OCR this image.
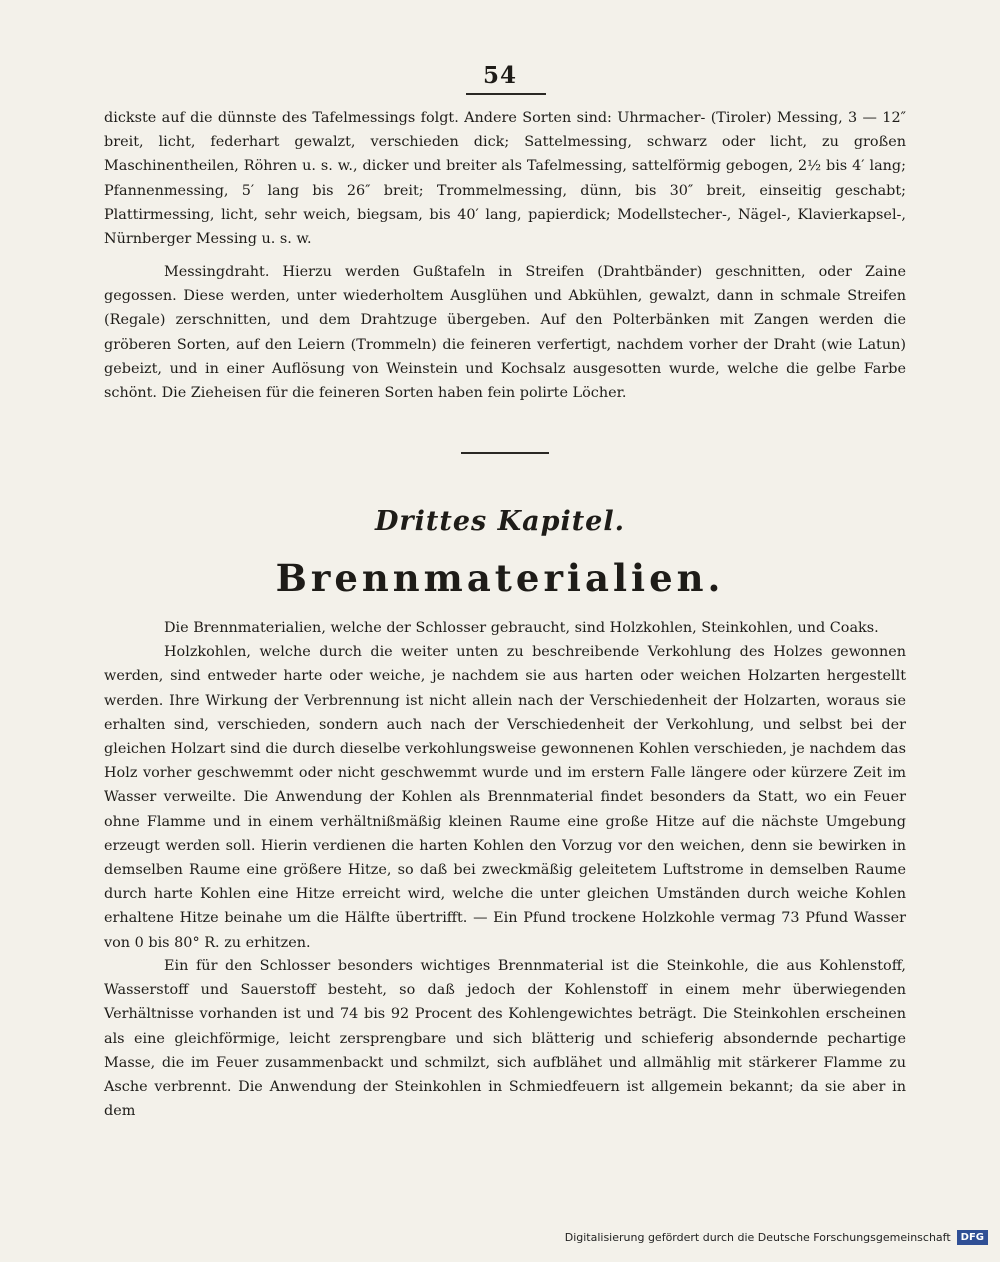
54

dickste auf die dünnste des Tafelmessings folgt. Andere Sorten sind: Uhrmacher- (Tiroler) Messing, 3 — 12″ breit, licht, federhart gewalzt, verschieden dick; Sattelmessing, schwarz oder licht, zu großen Maschinentheilen, Röhren u. s. w., dicker und breiter als Tafelmessing, sattelförmig gebogen, 2½ bis 4′ lang; Pfannenmessing, 5′ lang bis 26″ breit; Trommelmessing, dünn, bis 30″ breit, einseitig geschabt; Plattirmessing, licht, sehr weich, biegsam, bis 40′ lang, papierdick; Modellstecher-, Nägel-, Klavierkapsel-, Nürnberger Messing u. s. w.

Messingdraht. Hierzu werden Gußtafeln in Streifen (Drahtbänder) geschnitten, oder Zaine gegossen. Diese werden, unter wiederholtem Ausglühen und Abkühlen, gewalzt, dann in schmale Streifen (Regale) zerschnitten, und dem Drahtzuge übergeben. Auf den Polterbänken mit Zangen werden die gröberen Sorten, auf den Leiern (Trommeln) die feineren verfertigt, nachdem vorher der Draht (wie Latun) gebeizt, und in einer Auflösung von Weinstein und Kochsalz ausgesotten wurde, welche die gelbe Farbe schönt. Die Zieheisen für die feineren Sorten haben fein polirte Löcher.

Drittes Kapitel.
Brennmaterialien.

Die Brennmaterialien, welche der Schlosser gebraucht, sind Holzkohlen, Steinkohlen, und Coaks.

Holzkohlen, welche durch die weiter unten zu beschreibende Verkohlung des Holzes gewonnen werden, sind entweder harte oder weiche, je nachdem sie aus harten oder weichen Holzarten hergestellt werden. Ihre Wirkung der Verbrennung ist nicht allein nach der Verschiedenheit der Holzarten, woraus sie erhalten sind, verschieden, sondern auch nach der Verschiedenheit der Verkohlung, und selbst bei der gleichen Holzart sind die durch dieselbe verkohlungsweise gewonnenen Kohlen verschieden, je nachdem das Holz vorher geschwemmt oder nicht geschwemmt wurde und im erstern Falle längere oder kürzere Zeit im Wasser verweilte. Die Anwendung der Kohlen als Brennmaterial findet besonders da Statt, wo ein Feuer ohne Flamme und in einem verhältnißmäßig kleinen Raume eine große Hitze auf die nächste Umgebung erzeugt werden soll. Hierin verdienen die harten Kohlen den Vorzug vor den weichen, denn sie bewirken in demselben Raume eine größere Hitze, so daß bei zweckmäßig geleitetem Luftstrome in demselben Raume durch harte Kohlen eine Hitze erreicht wird, welche die unter gleichen Umständen durch weiche Kohlen erhaltene Hitze beinahe um die Hälfte übertrifft. — Ein Pfund trockene Holzkohle vermag 73 Pfund Wasser von 0 bis 80° R. zu erhitzen.

Ein für den Schlosser besonders wichtiges Brennmaterial ist die Steinkohle, die aus Kohlenstoff, Wasserstoff und Sauerstoff besteht, so daß jedoch der Kohlenstoff in einem mehr überwiegenden Verhältnisse vorhanden ist und 74 bis 92 Procent des Kohlengewichtes beträgt. Die Steinkohlen erscheinen als eine gleichförmige, leicht zersprengbare und sich blätterig und schieferig absondernde pechartige Masse, die im Feuer zusammenbackt und schmilzt, sich aufblähet und allmählig mit stärkerer Flamme zu Asche verbrennt. Die Anwendung der Steinkohlen in Schmiedfeuern ist allgemein bekannt; da sie aber in dem

Digitalisierung gefördert durch die Deutsche Forschungsgemeinschaft	DFG
